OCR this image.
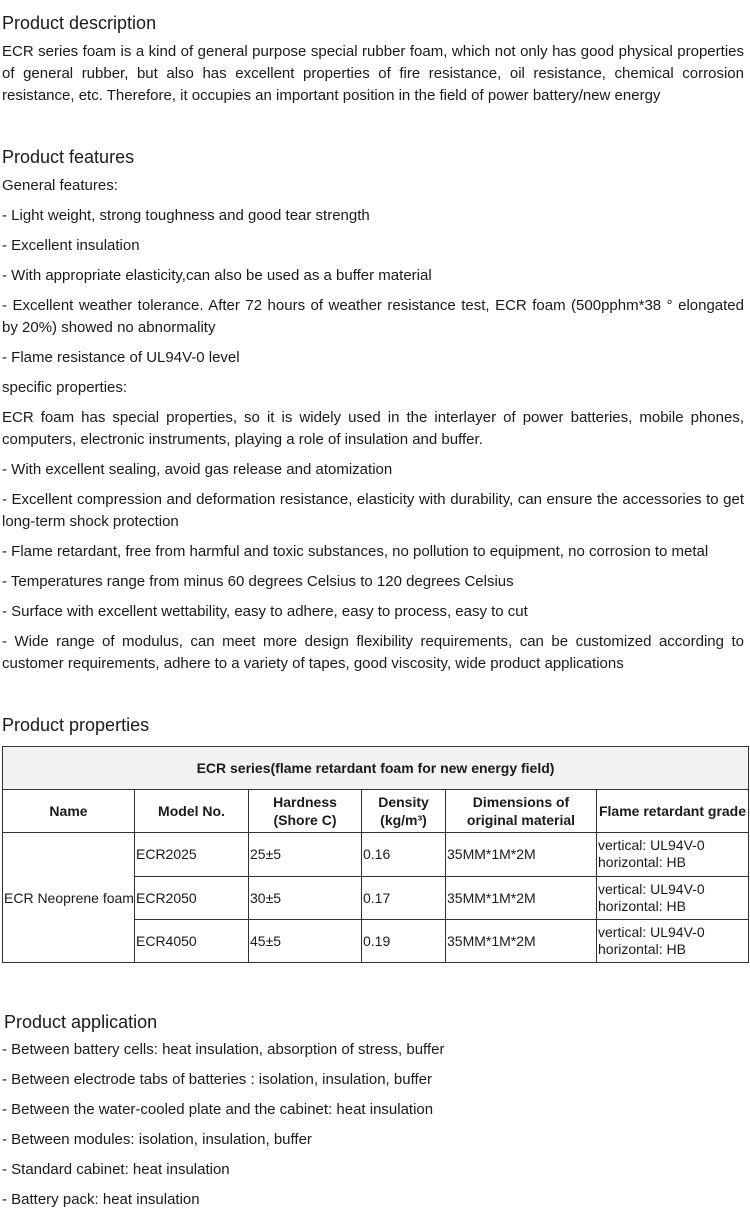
Product description
ECR series foam is a kind of general purpose special rubber foam, which not only has good physical properties of general rubber, but also has excellent properties of fire resistance, oil resistance, chemical corrosion resistance, etc. Therefore, it occupies an important position in the field of power battery/new energy
Product features
General features:
- Light weight, strong toughness and good tear strength
- Excellent insulation
- With appropriate elasticity,can also be used as a buffer material
- Excellent weather tolerance. After 72 hours of weather resistance test, ECR foam (500pphm*38 ° elongated by 20%) showed no abnormality
- Flame resistance of UL94V-0 level
specific properties:
ECR foam has special properties, so it is widely used in the interlayer of power batteries, mobile phones, computers, electronic instruments, playing a role of insulation and buffer.
- With excellent sealing, avoid gas release and atomization
- Excellent compression and deformation resistance, elasticity with durability, can ensure the accessories to get long-term shock protection
- Flame retardant, free from harmful and toxic substances, no pollution to equipment, no corrosion to metal
- Temperatures range from minus 60 degrees Celsius to 120 degrees Celsius
- Surface with excellent wettability, easy to adhere, easy to process, easy to cut
- Wide range of modulus, can meet more design flexibility requirements, can be customized according to customer requirements, adhere to a variety of tapes, good viscosity, wide product applications
Product properties
ECR series(flame retardant foam for new energy field)					
Name	Model No.	Hardness (Shore C)	Density (kg/m³)	Dimensions of original material	Flame retardant grade
ECR Neoprene foam	ECR2025	25±5	0.16	35MM*1M*2M	vertical: UL94V-0
horizontal: HB

	ECR2050	30±5	0.17	35MM*1M*2M	vertical: UL94V-0
horizontal: HB

	ECR4050	45±5	0.19	35MM*1M*2M	vertical: UL94V-0
horizontal: HB
Product application
- Between battery cells: heat insulation, absorption of stress, buffer
- Between electrode tabs of batteries : isolation, insulation, buffer
- Between the water-cooled plate and the cabinet: heat insulation
- Between modules: isolation, insulation, buffer
- Standard cabinet: heat insulation
- Battery pack: heat insulation
